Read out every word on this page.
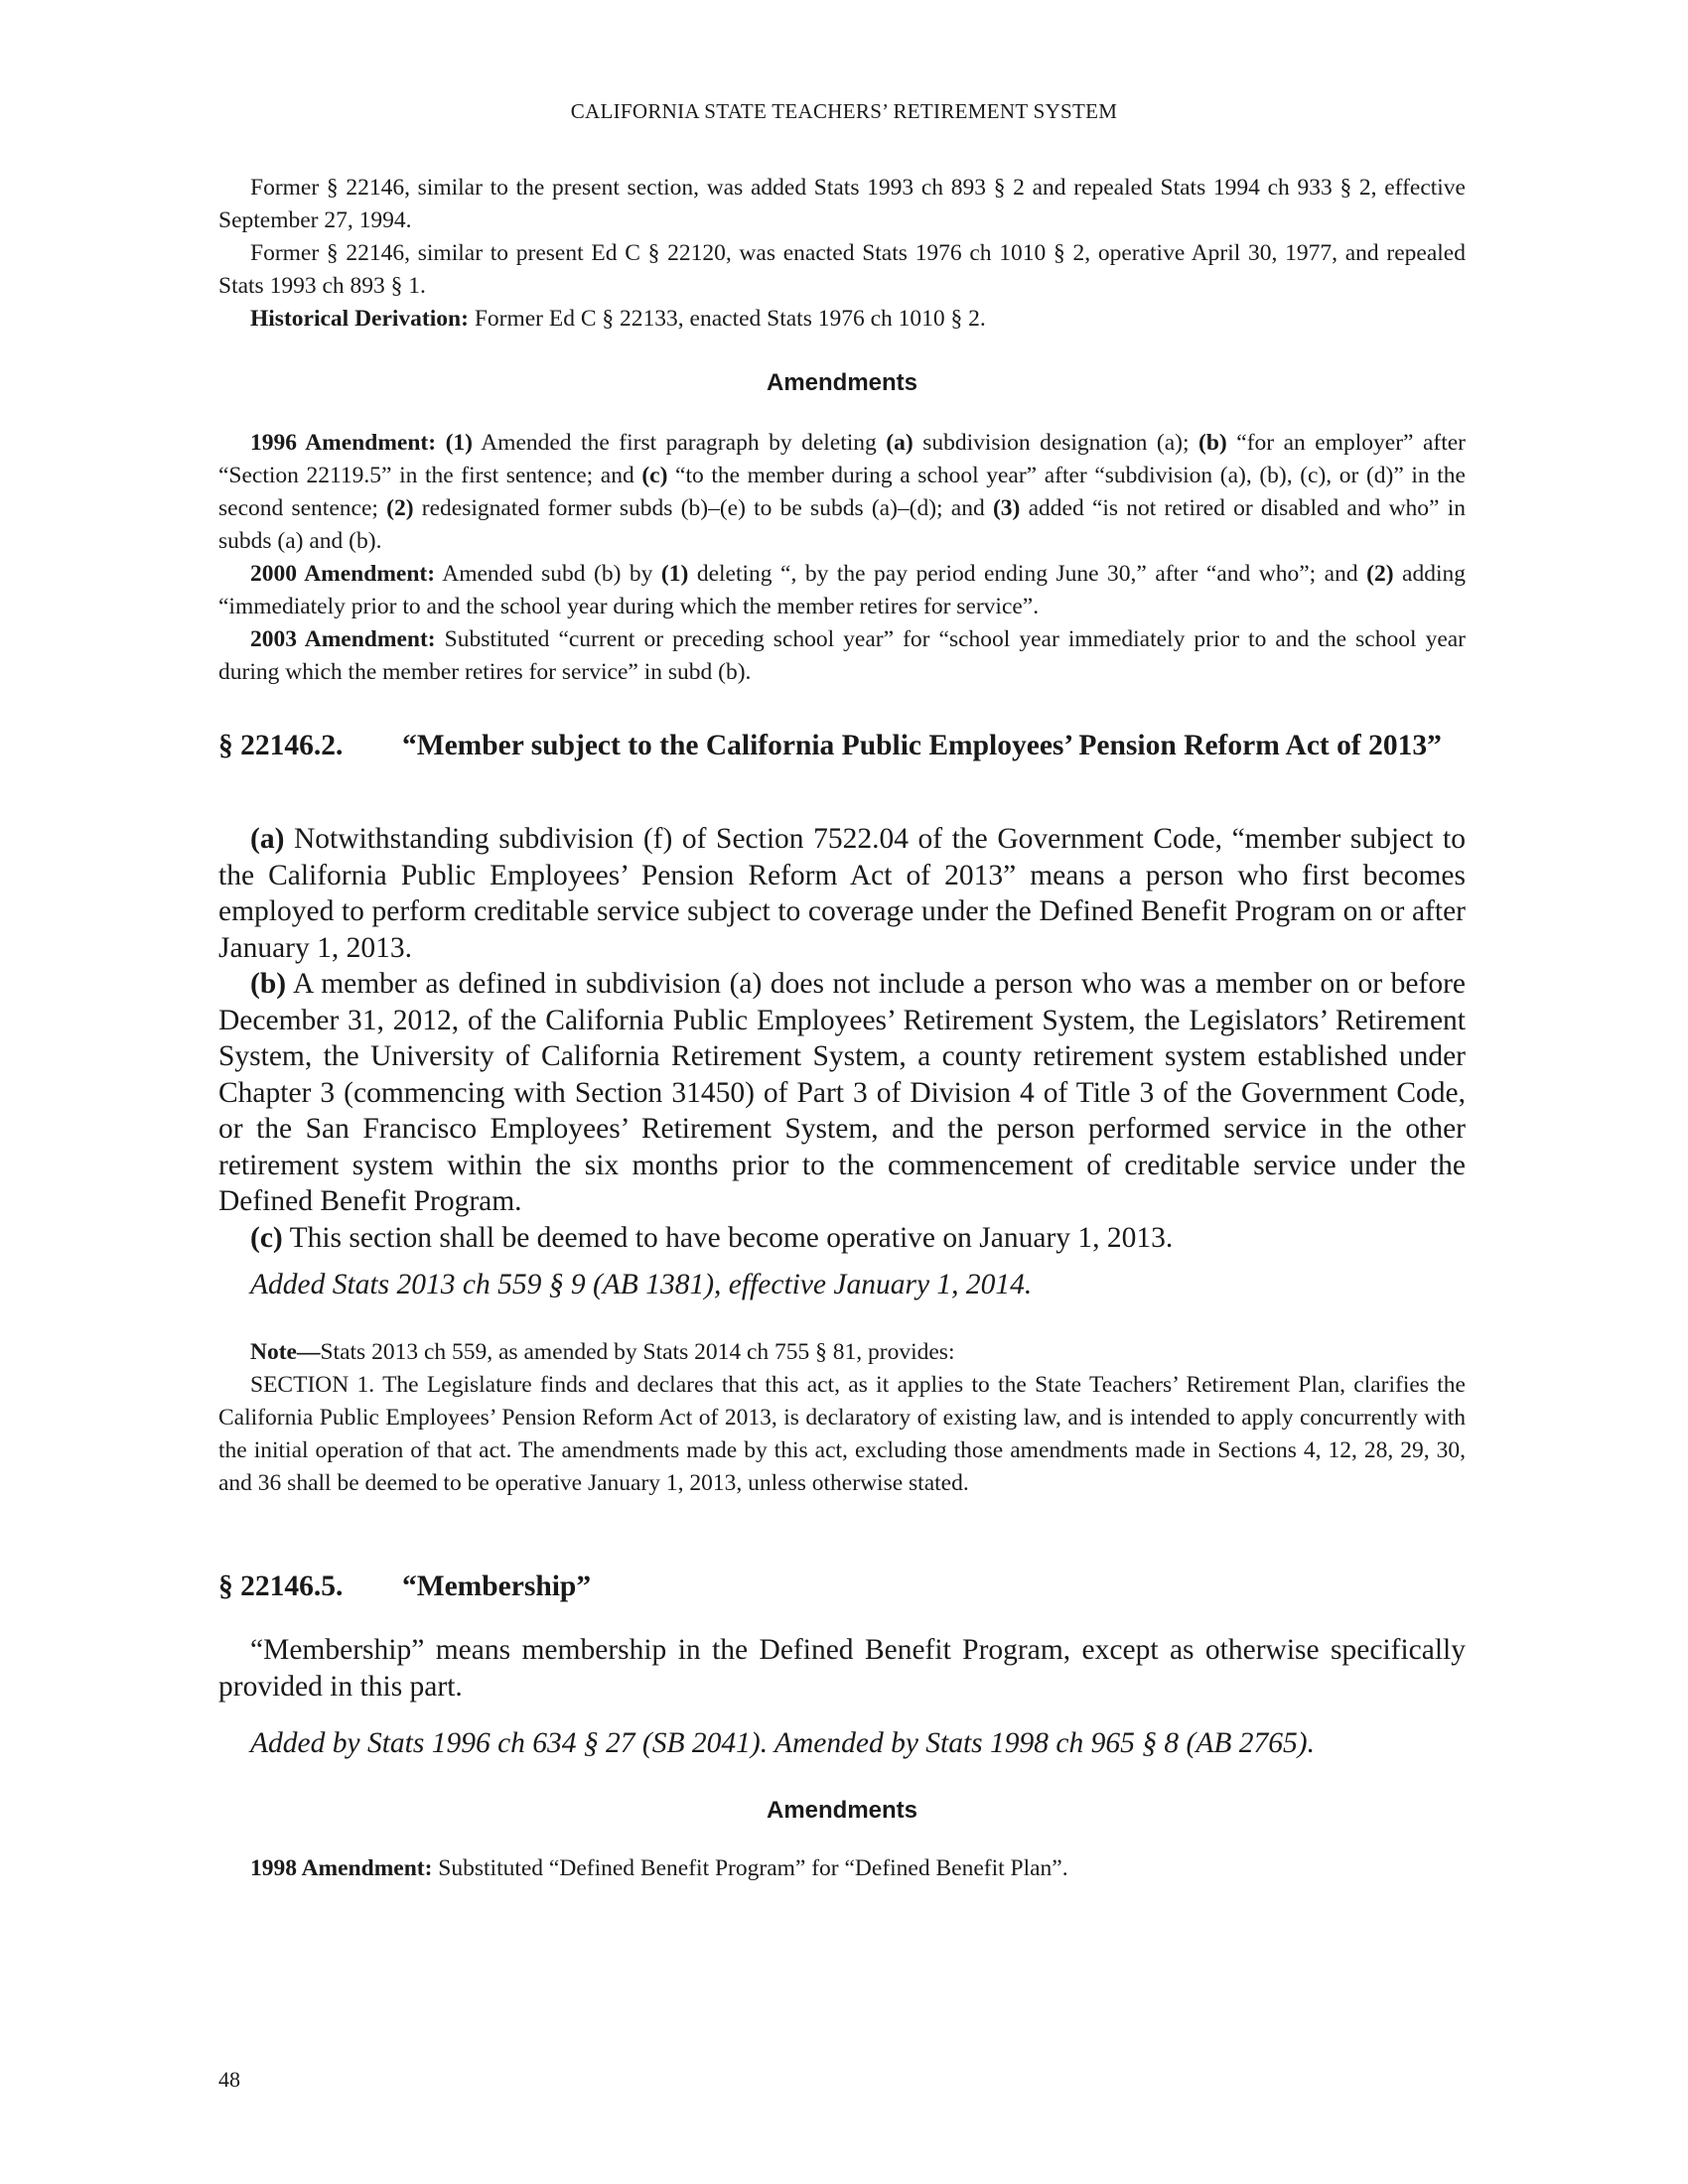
CALIFORNIA STATE TEACHERS’ RETIREMENT SYSTEM

Former § 22146, similar to the present section, was added Stats 1993 ch 893 § 2 and repealed Stats 1994 ch 933 § 2, effective September 27, 1994.

Former § 22146, similar to present Ed C § 22120, was enacted Stats 1976 ch 1010 § 2, operative April 30, 1977, and repealed Stats 1993 ch 893 § 1.

Historical Derivation: Former Ed C § 22133, enacted Stats 1976 ch 1010 § 2.

Amendments

1996 Amendment: (1) Amended the first paragraph by deleting (a) subdivision designation (a); (b) “for an employer” after “Section 22119.5” in the first sentence; and (c) “to the member during a school year” after “subdivision (a), (b), (c), or (d)” in the second sentence; (2) redesignated former subds (b)–(e) to be subds (a)–(d); and (3) added “is not retired or disabled and who” in subds (a) and (b).

2000 Amendment: Amended subd (b) by (1) deleting “, by the pay period ending June 30,” after “and who”; and (2) adding “immediately prior to and the school year during which the member retires for service”.

2003 Amendment: Substituted “current or preceding school year” for “school year immediately prior to and the school year during which the member retires for service” in subd (b).

§ 22146.2.	“Member subject to the California Public Employees’ Pension Reform Act of 2013”

(a) Notwithstanding subdivision (f) of Section 7522.04 of the Government Code, “member subject to the California Public Employees’ Pension Reform Act of 2013” means a person who first becomes employed to perform creditable service subject to coverage under the Defined Benefit Program on or after January 1, 2013.

(b) A member as defined in subdivision (a) does not include a person who was a member on or before December 31, 2012, of the California Public Employees’ Retirement System, the Legislators’ Retirement System, the University of California Retirement System, a county retirement system established under Chapter 3 (commencing with Section 31450) of Part 3 of Division 4 of Title 3 of the Government Code, or the San Francisco Employees’ Retirement System, and the person performed service in the other retirement system within the six months prior to the commencement of creditable service under the Defined Benefit Program.

(c) This section shall be deemed to have become operative on January 1, 2013.

Added Stats 2013 ch 559 § 9 (AB 1381), effective January 1, 2014.

Note—Stats 2013 ch 559, as amended by Stats 2014 ch 755 § 81, provides:

SECTION 1. The Legislature finds and declares that this act, as it applies to the State Teachers’ Retirement Plan, clarifies the California Public Employees’ Pension Reform Act of 2013, is declaratory of existing law, and is intended to apply concurrently with the initial operation of that act. The amendments made by this act, excluding those amendments made in Sections 4, 12, 28, 29, 30, and 36 shall be deemed to be operative January 1, 2013, unless otherwise stated.

§ 22146.5.	“Membership”

“Membership” means membership in the Defined Benefit Program, except as otherwise specifically provided in this part.

Added by Stats 1996 ch 634 § 27 (SB 2041). Amended by Stats 1998 ch 965 § 8 (AB 2765).
Amendments

1998 Amendment: Substituted “Defined Benefit Program” for “Defined Benefit Plan”.

48
